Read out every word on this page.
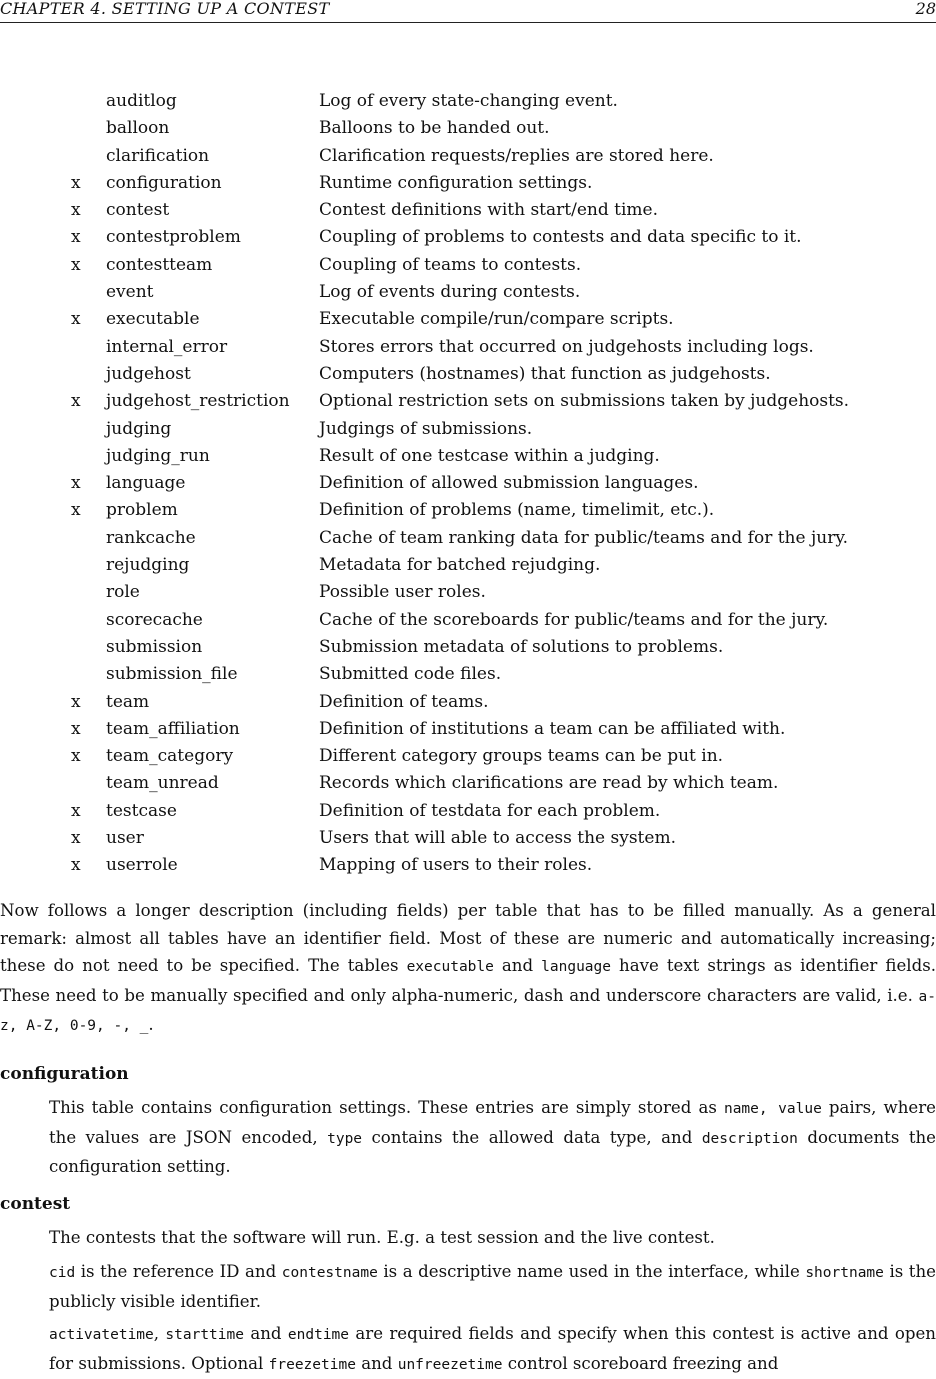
CHAPTER 4. SETTING UP A CONTEST	28
auditlog	Log of every state-changing event.
balloon	Balloons to be handed out.
clarification	Clarification requests/replies are stored here.
x configuration	Runtime configuration settings.
x contest	Contest definitions with start/end time.
x contestproblem	Coupling of problems to contests and data specific to it.
x contestteam	Coupling of teams to contests.
event	Log of events during contests.
x executable	Executable compile/run/compare scripts.
internal_error	Stores errors that occurred on judgehosts including logs.
judgehost	Computers (hostnames) that function as judgehosts.
x judgehost_restriction Optional restriction sets on submissions taken by judgehosts.
judging	Judgings of submissions.
judging_run	Result of one testcase within a judging.
x language	Definition of allowed submission languages.
x problem	Definition of problems (name, timelimit, etc.).
rankcache	Cache of team ranking data for public/teams and for the jury.
rejudging	Metadata for batched rejudging.
role	Possible user roles.
scorecache	Cache of the scoreboards for public/teams and for the jury.
submission	Submission metadata of solutions to problems.
submission_file	Submitted code files.
x team	Definition of teams.
x team_affiliation	Definition of institutions a team can be affiliated with.
x team_category	Different category groups teams can be put in.
team_unread	Records which clarifications are read by which team.
x testcase	Definition of testdata for each problem.
x user	Users that will able to access the system.
x userrole	Mapping of users to their roles.
Now follows a longer description (including fields) per table that has to be filled manually. As a general remark: almost all tables have an identifier field. Most of these are numeric and automatically increasing; these do not need to be specified. The tables executable and language have text strings as identifier fields. These need to be manually specified and only alpha-numeric, dash and underscore characters are valid, i.e. a-z, A-Z, 0-9, -, _.
configuration
This table contains configuration settings. These entries are simply stored as name, value pairs, where the values are JSON encoded, type contains the allowed data type, and description documents the configuration setting.
contest
The contests that the software will run. E.g. a test session and the live contest.
cid is the reference ID and contestname is a descriptive name used in the interface, while shortname is the publicly visible identifier.
activatetime, starttime and endtime are required fields and specify when this contest is active and open for submissions. Optional freezetime and unfreezetime control scoreboard freezing and
